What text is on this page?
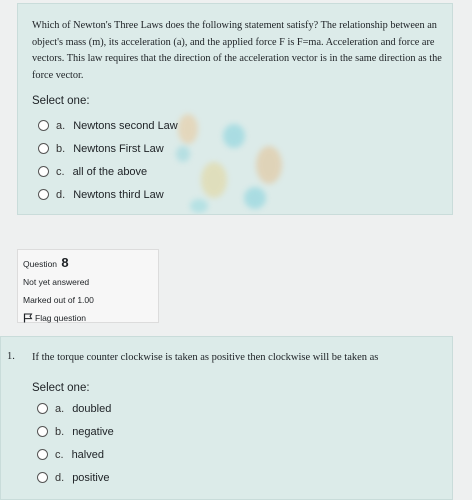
Which of Newton's Three Laws does the following statement satisfy? The relationship between an object's mass (m), its acceleration (a), and the applied force F is F=ma. Acceleration and force are vectors. This law requires that the direction of the acceleration vector is in the same direction as the force vector.
Select one:
a. Newtons second Law
b. Newtons First Law
c. all of the above
d. Newtons third Law
Question 8
Not yet answered
Marked out of 1.00
Flag question
1. If the torque counter clockwise is taken as positive then clockwise will be taken as
Select one:
a. doubled
b. negative
c. halved
d. positive
